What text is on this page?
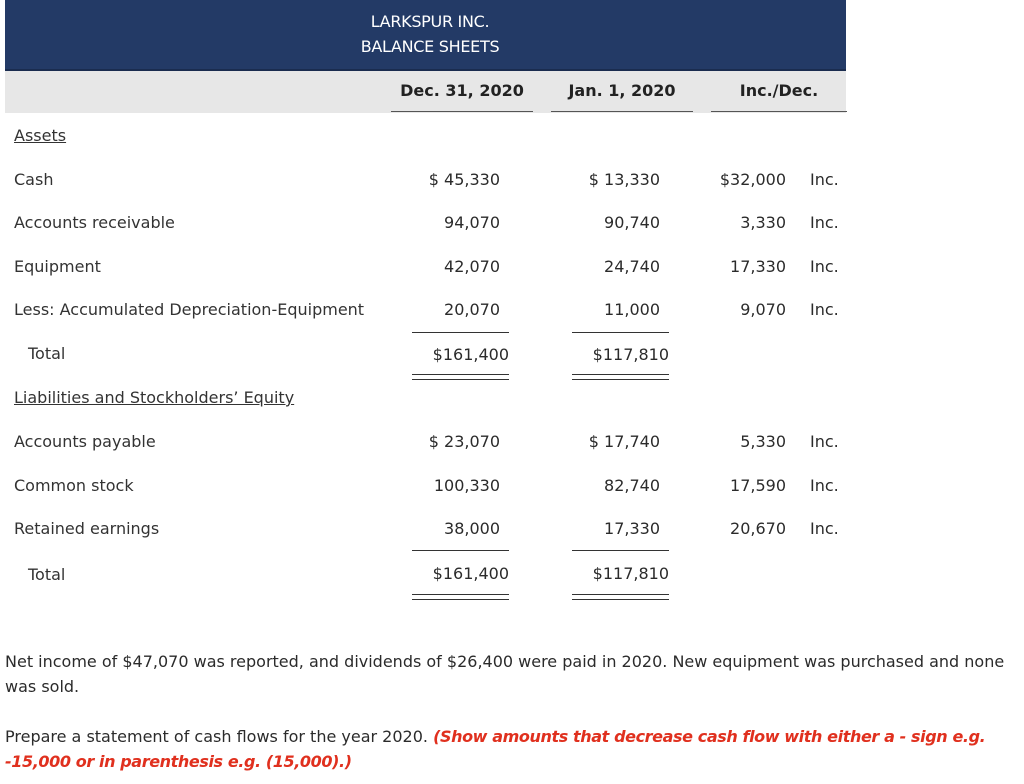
LARKSPUR INC.
BALANCE SHEETS
Dec. 31, 2020	Jan. 1, 2020	Inc./Dec.
Assets
Cash	$ 45,330	$ 13,330	$32,000 Inc.
Accounts receivable	94,070	90,740	3,330 Inc.
Equipment	42,070	24,740	17,330 Inc.
Less: Accumulated Depreciation-Equipment	20,070	11,000	9,070 Inc.
Total	$161,400	$117,810
Liabilities and Stockholders’ Equity
Accounts payable	$ 23,070	$ 17,740	5,330 Inc.
Common stock	100,330	82,740	17,590 Inc.
Retained earnings	38,000	17,330	20,670 Inc.
Total	$161,400	$117,810
Net income of $47,070 was reported, and dividends of $26,400 were paid in 2020. New equipment was purchased and none was sold.
Prepare a statement of cash flows for the year 2020. (Show amounts that decrease cash flow with either a - sign e.g. -15,000 or in parenthesis e.g. (15,000).)
